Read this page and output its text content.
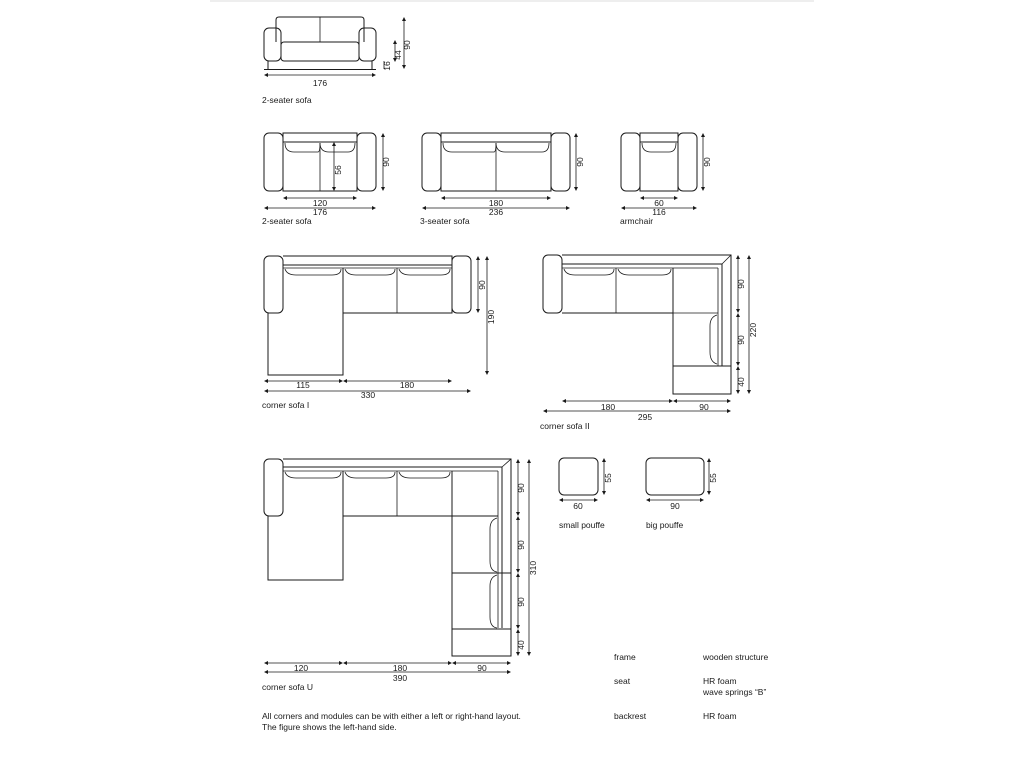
176
90
44
16
2-seater sofa
56
90
120
176
2-seater sofa
90
180
236
3-seater sofa
90
60
116
armchair
90
190
115	180
330
corner sofa I
90
90
40
220
180	90
295
corner sofa II
90
90
90
40
310
120	180	90
390
corner sofa U
55
60
small pouffe
55
90
big pouffe
frame	wooden structure
seat	HR foam
wave springs “B”
backrest	HR foam
All corners and modules can be with either a left or right-hand layout.
The figure shows the left-hand side.
